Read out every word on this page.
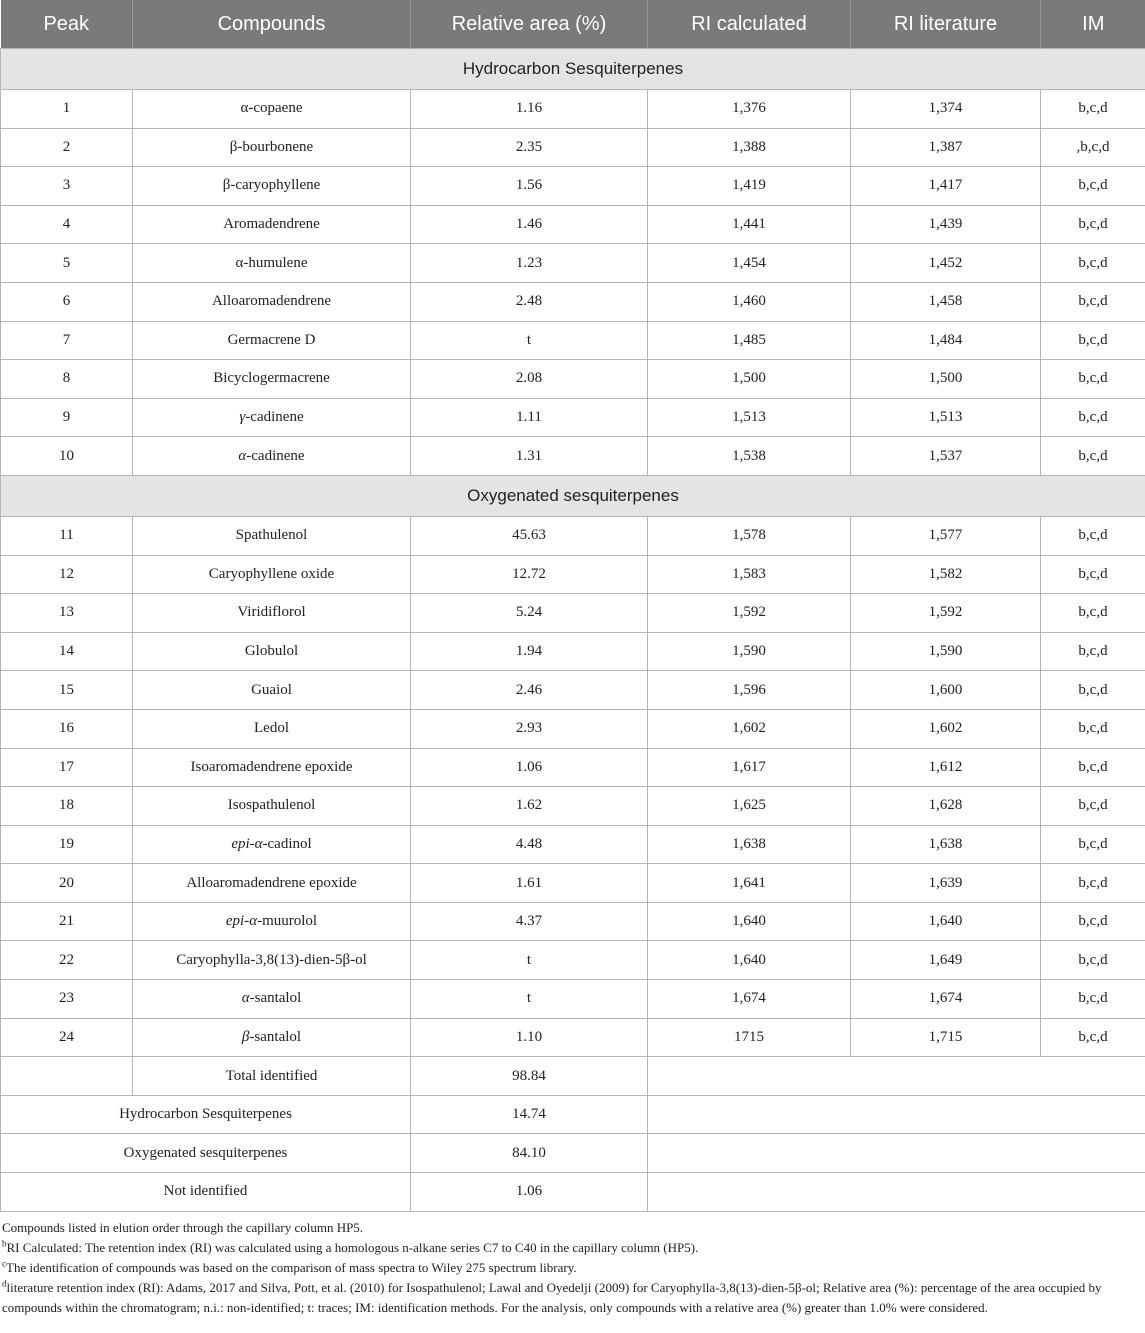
Peak	Compounds	Relative area (%)	RI calculated	RI literature	IM
Hydrocarbon Sesquiterpenes					
1	α-copaene	1.16	1,376	1,374	b,c,d
2	β-bourbonene	2.35	1,388	1,387	,b,c,d
3	β-caryophyllene	1.56	1,419	1,417	b,c,d
4	Aromadendrene	1.46	1,441	1,439	b,c,d
5	α-humulene	1.23	1,454	1,452	b,c,d
6	Alloaromadendrene	2.48	1,460	1,458	b,c,d
7	Germacrene D	t	1,485	1,484	b,c,d
8	Bicyclogermacrene	2.08	1,500	1,500	b,c,d
9	γ-cadinene	1.11	1,513	1,513	b,c,d
10	α-cadinene	1.31	1,538	1,537	b,c,d
Oxygenated sesquiterpenes					
11	Spathulenol	45.63	1,578	1,577	b,c,d
12	Caryophyllene oxide	12.72	1,583	1,582	b,c,d
13	Viridiflorol	5.24	1,592	1,592	b,c,d
14	Globulol	1.94	1,590	1,590	b,c,d
15	Guaiol	2.46	1,596	1,600	b,c,d
16	Ledol	2.93	1,602	1,602	b,c,d
17	Isoaromadendrene epoxide	1.06	1,617	1,612	b,c,d
18	Isospathulenol	1.62	1,625	1,628	b,c,d
19	epi-α-cadinol	4.48	1,638	1,638	b,c,d
20	Alloaromadendrene epoxide	1.61	1,641	1,639	b,c,d
21	epi-α-muurolol	4.37	1,640	1,640	b,c,d
22	Caryophylla-3,8(13)-dien-5β-ol	t	1,640	1,649	b,c,d
23	α-santalol	t	1,674	1,674	b,c,d
24	β-santalol	1.10	1715	1,715	b,c,d
	Total identified	98.84			
Hydrocarbon Sesquiterpenes		14.74			
Oxygenated sesquiterpenes		84.10			
Not identified		1.06			

Compounds listed in elution order through the capillary column HP5.

$^b$RI Calculated: The retention index (RI) was calculated using a homologous n-alkane series C7 to C40 in the capillary column (HP5).

$^c$The identification of compounds was based on the comparison of mass spectra to Wiley 275 spectrum library.

$^d$literature retention index (RI): Adams, 2017 and Silva, Pott, et al. (2010) for Isospathulenol; Lawal and Oyedelji (2009) for Caryophylla-3,8(13)-dien-5β-ol; Relative area (%): percentage of the area occupied by compounds within the chromatogram; n.i.: non-identified; t: traces; IM: identification methods. For the analysis, only compounds with a relative area (%) greater than 1.0% were considered.
